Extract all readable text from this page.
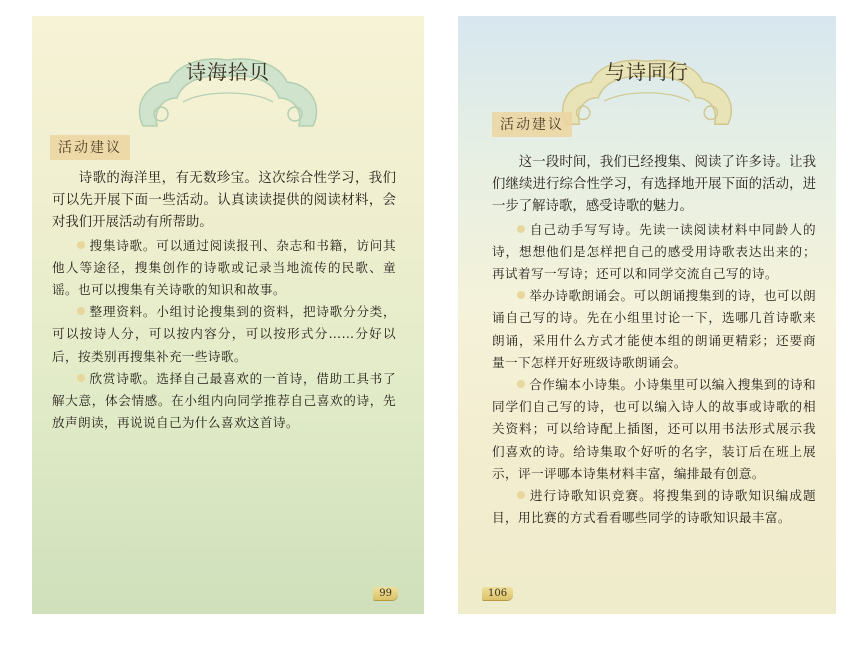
诗海拾贝
活动建议

诗歌的海洋里，有无数珍宝。这次综合性学习，我们可以先开展下面一些活动。认真读读提供的阅读材料，会对我们开展活动有所帮助。

搜集诗歌。可以通过阅读报刊、杂志和书籍，访问其他人等途径，搜集创作的诗歌或记录当地流传的民歌、童谣。也可以搜集有关诗歌的知识和故事。

整理资料。小组讨论搜集到的资料，把诗歌分分类，可以按诗人分，可以按内容分，可以按形式分……分好以后，按类别再搜集补充一些诗歌。

欣赏诗歌。选择自己最喜欢的一首诗，借助工具书了解大意，体会情感。在小组内向同学推荐自己喜欢的诗，先放声朗读，再说说自己为什么喜欢这首诗。

99
与诗同行
活动建议

这一段时间，我们已经搜集、阅读了许多诗。让我们继续进行综合性学习，有选择地开展下面的活动，进一步了解诗歌，感受诗歌的魅力。

自己动手写写诗。先读一读阅读材料中同龄人的诗，想想他们是怎样把自己的感受用诗歌表达出来的；再试着写一写诗；还可以和同学交流自己写的诗。

举办诗歌朗诵会。可以朗诵搜集到的诗，也可以朗诵自己写的诗。先在小组里讨论一下，选哪几首诗歌来朗诵，采用什么方式才能使本组的朗诵更精彩；还要商量一下怎样开好班级诗歌朗诵会。

合作编本小诗集。小诗集里可以编入搜集到的诗和同学们自己写的诗，也可以编入诗人的故事或诗歌的相关资料；可以给诗配上插图，还可以用书法形式展示我们喜欢的诗。给诗集取个好听的名字，装订后在班上展示，评一评哪本诗集材料丰富，编排最有创意。

进行诗歌知识竞赛。将搜集到的诗歌知识编成题目，用比赛的方式看看哪些同学的诗歌知识最丰富。

106
